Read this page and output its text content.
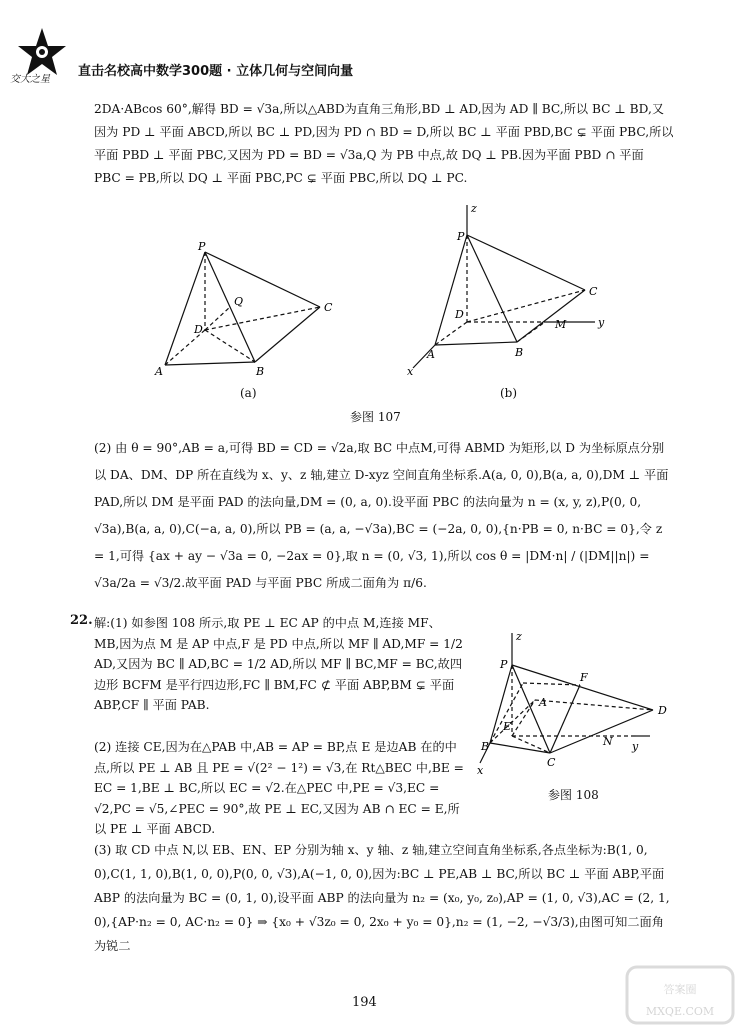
交大之星
直击名校高中数学300题 · 立体几何与空间向量

2DA·ABcos 60°,解得 BD = √3a,所以△ABD为直角三角形,BD ⊥ AD,因为 AD ∥ BC,所以 BC ⊥ BD,又因为 PD ⊥ 平面 ABCD,所以 BC ⊥ PD,因为 PD ∩ BD = D,所以 BC ⊥ 平面 PBD,BC ⊊ 平面 PBC,所以平面 PBD ⊥ 平面 PBC,又因为 PD = BD = √3a,Q 为 PB 中点,故 DQ ⊥ PB.因为平面 PBD ∩ 平面 PBC = PB,所以 DQ ⊥ 平面 PBC,PC ⊊ 平面 PBC,所以 DQ ⊥ PC.

P
Q	C
D
A	B
(a)
z
P
C
D
M	y
A	B
x
(b)
参图 107

(2) 由 θ = 90°,AB = a,可得 BD = CD = √2a,取 BC 中点M,可得 ABMD 为矩形,以 D 为坐标原点分别以 DA、DM、DP 所在直线为 x、y、z 轴,建立 D-xyz 空间直角坐标系.A(a, 0, 0),B(a, a, 0),DM ⊥ 平面 PAD,所以 DM 是平面 PAD 的法向量,DM = (0, a, 0).设平面 PBC 的法向量为 n = (x, y, z),P(0, 0, √3a),B(a, a, 0),C(−a, a, 0),所以 PB = (a, a, −√3a),BC = (−2a, 0, 0),{n·PB = 0, n·BC = 0},令 z = 1,可得 {ax + ay − √3a = 0, −2ax = 0},取 n = (0, √3, 1),所以 cos θ = |DM·n| / (|DM||n|) = √3a/2a = √3/2.故平面 PAD 与平面 PBC 所成二面角为 π/6.

22. 解:(1) 如参图 108 所示,取 PE ⊥ EC AP 的中点 M,连接 MF、MB,因为点 M 是 AP 中点,F 是 PD 中点,所以 MF ∥ AD,MF = 1/2 AD,又因为 BC ∥ AD,BC = 1/2 AD,所以 MF ∥ BC,MF = BC,故四边形 BCFM 是平行四边形,FC ∥ BM,FC ⊄ 平面 ABP,BM ⊊ 平面 ABP,CF ∥ 平面 PAB.

(2) 连接 CE,因为在△PAB 中,AB = AP = BP,点 E 是边AB 在的中点,所以 PE ⊥ AB 且 PE = √(2² − 1²) = √3,在 Rt△BEC 中,BE = EC = 1,BE ⊥ BC,所以 EC = √2.在△PEC 中,PE = √3,EC = √2,PC = √5,∠PEC = 90°,故 PE ⊥ EC,又因为 AB ∩ EC = E,所以 PE ⊥ 平面 ABCD.

z
P
F
A
D
E
N y
B
C
x
参图 108

(3) 取 CD 中点 N,以 EB、EN、EP 分别为轴 x、y 轴、z 轴,建立空间直角坐标系,各点坐标为:B(1, 0, 0),C(1, 1, 0),B(1, 0, 0),P(0, 0, √3),A(−1, 0, 0),因为:BC ⊥ PE,AB ⊥ BC,所以 BC ⊥ 平面 ABP,平面 ABP 的法向量为 BC = (0, 1, 0),设平面 ABP 的法向量为 n₂ = (x₀, y₀, z₀),AP = (1, 0, √3),AC = (2, 1, 0),{AP·n₂ = 0, AC·n₂ = 0} ⇒ {x₀ + √3z₀ = 0, 2x₀ + y₀ = 0},n₂ = (1, −2, −√3/3),由图可知二面角为锐二

194
答案圈
MXQE.COM
